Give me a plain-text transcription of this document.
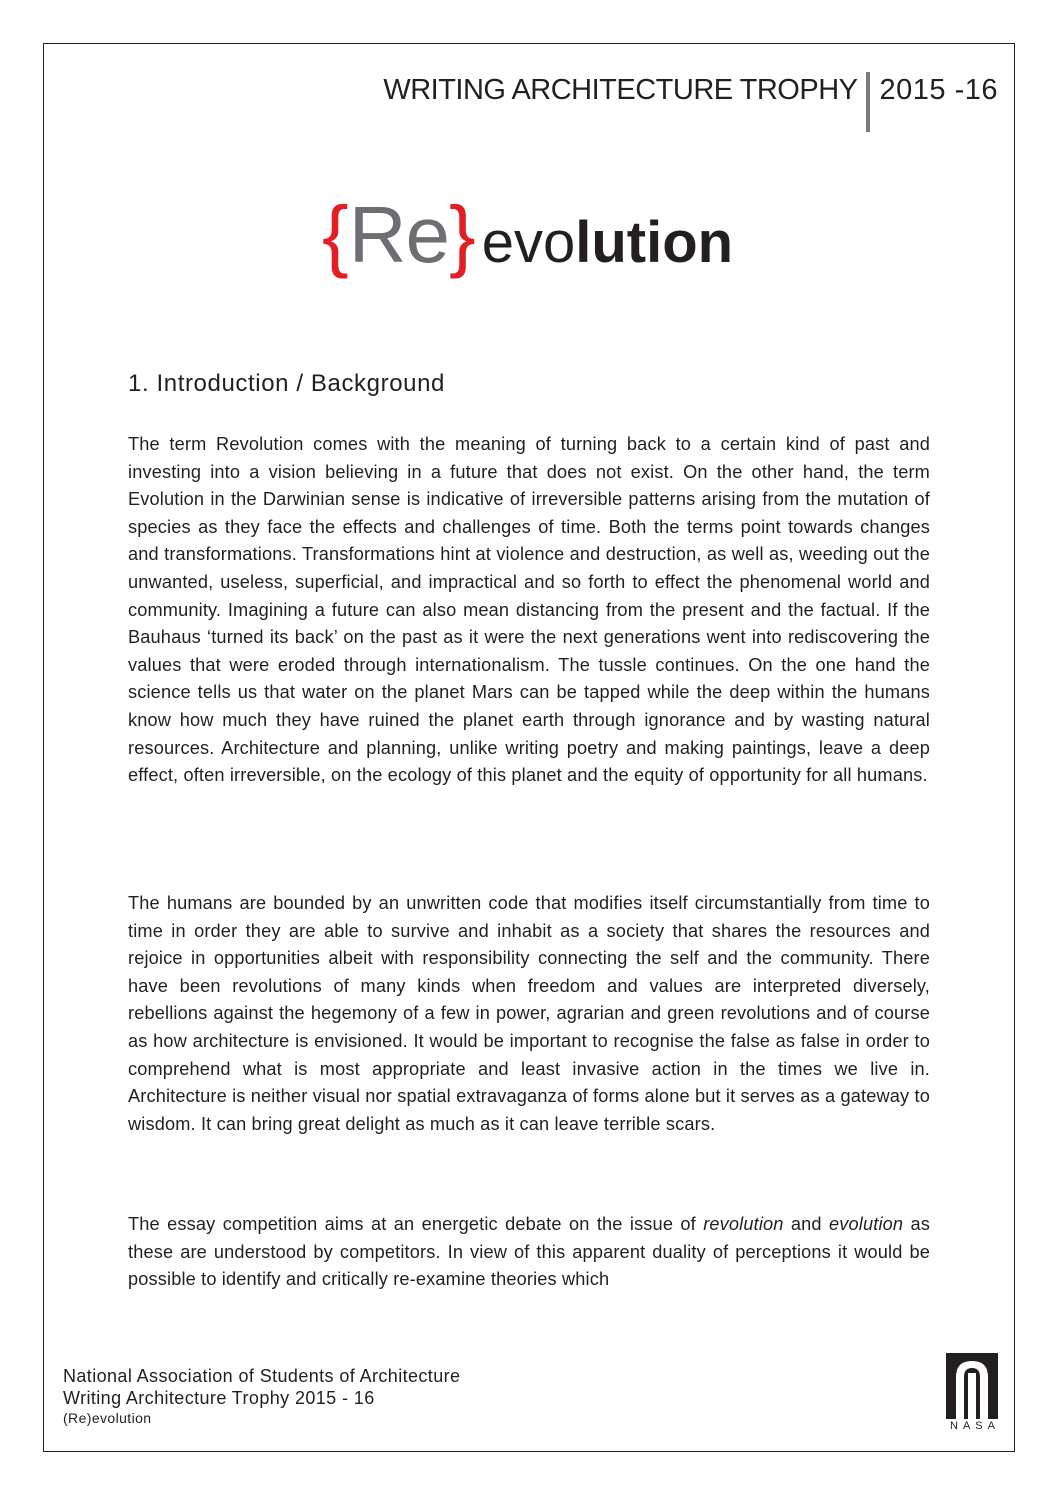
WRITING ARCHITECTURE TROPHY 2015 -16
{ Re } evo lution
1. Introduction / Background

The term Revolution comes with the meaning of turning back to a certain kind of past and investing into a vision believing in a future that does not exist. On the other hand, the term Evolution in the Darwinian sense is indicative of irreversible patterns arising from the mutation of species as they face the effects and challenges of time. Both the terms point towards changes and transformations. Transformations hint at violence and destruction, as well as, weeding out the unwanted, useless, superficial, and impractical and so forth to effect the phenomenal world and community. Imagining a future can also mean distancing from the present and the factual. If the Bauhaus ‘turned its back’ on the past as it were the next generations went into rediscovering the values that were eroded through internationalism. The tussle continues. On the one hand the science tells us that water on the planet Mars can be tapped while the deep within the humans know how much they have ruined the planet earth through ignorance and by wasting natural resources. Architecture and planning, unlike writing poetry and making paintings, leave a deep effect, often irreversible, on the ecology of this planet and the equity of opportunity for all humans.

The humans are bounded by an unwritten code that modifies itself circumstantially from time to time in order they are able to survive and inhabit as a society that shares the resources and rejoice in opportunities albeit with responsibility connecting the self and the community. There have been revolutions of many kinds when freedom and values are interpreted diversely, rebellions against the hegemony of a few in power, agrarian and green revolutions and of course as how architecture is envisioned. It would be important to recognise the false as false in order to comprehend what is most appropriate and least invasive action in the times we live in. Architecture is neither visual nor spatial extravaganza of forms alone but it serves as a gateway to wisdom. It can bring great delight as much as it can leave terrible scars.

The essay competition aims at an energetic debate on the issue of revolution and evolution as these are understood by competitors. In view of this apparent duality of perceptions it would be possible to identify and critically re-examine theories which

National Association of Students of Architecture
Writing Architecture Trophy 2015 - 16
(Re)evolution	NASA
